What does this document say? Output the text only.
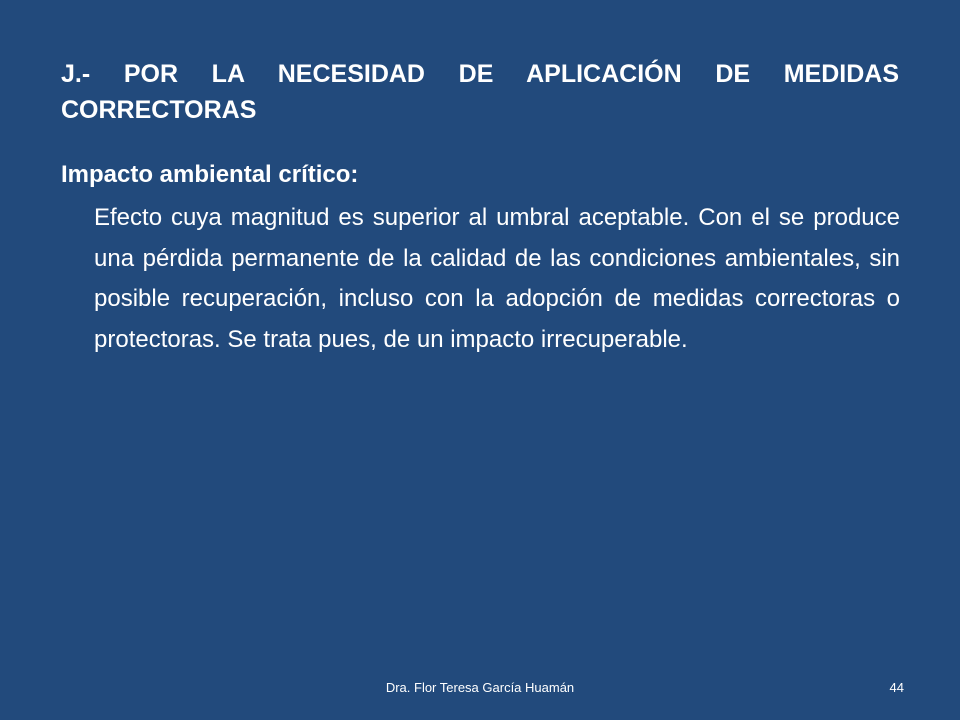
J.- POR LA NECESIDAD DE APLICACIÓN DE MEDIDAS CORRECTORAS
Impacto ambiental crítico:
Efecto cuya magnitud es superior al umbral aceptable. Con el se produce una pérdida permanente de la calidad de las condiciones ambientales, sin posible recuperación, incluso con la adopción de medidas correctoras o protectoras. Se trata pues, de un impacto irrecuperable.
Dra. Flor Teresa García Huamán	44
